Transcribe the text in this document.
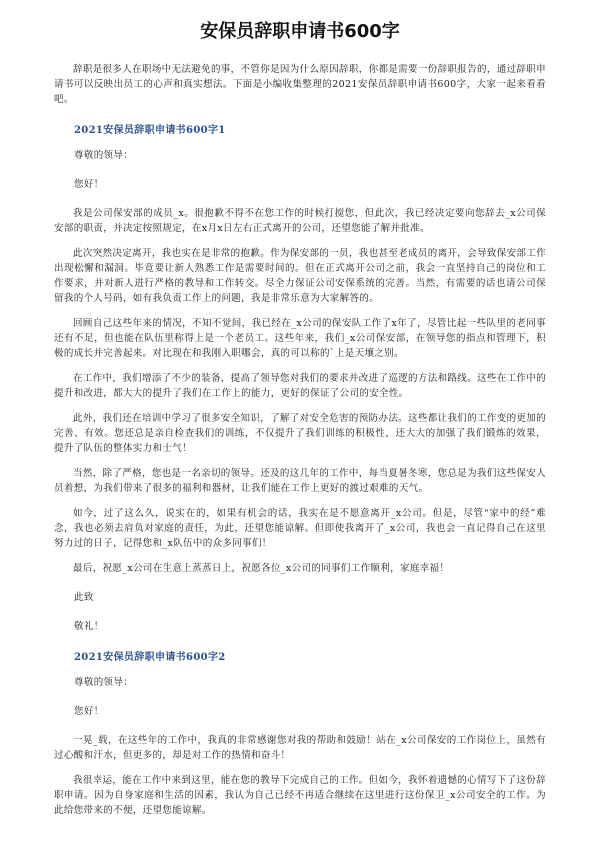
安保员辞职申请书600字

辞职是很多人在职场中无法避免的事，不管你是因为什么原因辞职，你都是需要一份辞职报告的，通过辞职申请书可以反映出员工的心声和真实想法。下面是小编收集整理的2021安保员辞职申请书600字，大家一起来看看吧。

2021安保员辞职申请书600字1

尊敬的领导：

您好！

我是公司保安部的成员_x。很抱歉不得不在您工作的时候打搅您，但此次，我已经决定要向您辞去_x公司保安部的职责，并决定按照规定，在x月x日左右正式离开的公司，还望您能了解并批准。

此次突然决定离开，我也实在是非常的抱歉。作为保安部的一员，我也甚至老成员的离开，会导致保安部工作出现松懈和漏洞。毕竟要让新人熟悉工作是需要时间的。但在正式离开公司之前，我会一直坚持自己的岗位和工作要求，并对新人进行严格的教导和工作转交。尽全力保证公司安保系统的完善。当然，有需要的话也请公司保留我的个人号码，如有我负责工作上的问题，我是非常乐意为大家解答的。

回顾自己这些年来的情况，不知不觉间，我已经在_x公司的保安队工作了x年了，尽管比起一些队里的老同事还有不足，但也能在队伍里称得上是一个老员工。这些年来，我们_x公司保安部，在领导您的指点和管理下，积极的成长并完善起来。对比现在和我刚入职哪会，真的可以称的`上是天壤之别。

在工作中，我们增添了不少的装备，提高了领导您对我们的要求并改进了巡逻的方法和路线。这些在工作中的提升和改进，都大大的提升了我们在工作上的能力，更好的保证了公司的安全性。

此外，我们还在培训中学习了很多安全知识，了解了对安全危害的预防办法。这些都让我们的工作变的更加的完善、有效。您还总是亲自检查我们的训练，不仅提升了我们训练的积极性，还大大的加强了我们锻炼的效果，提升了队伍的整体实力和士气！

当然，除了严格，您也是一名亲切的领导。还及的这几年的工作中，每当夏暑冬寒，您总是为我们这些保安人员着想，为我们带来了很多的福利和器材，让我们能在工作上更好的渡过艰难的天气。

如今，过了这么久，说实在的，如果有机会的话，我实在是不愿意离开_x公司。但是，尽管“家中的经”难念，我也必须去肩负对家庭的责任，为此，还望您能谅解。但即使我离开了_x公司，我也会一直记得自己在这里努力过的日子，记得您和_x队伍中的众多同事们！

最后，祝愿_x公司在生意上蒸蒸日上，祝愿各位_x公司的同事们工作顺利，家庭幸福！

此致

敬礼！

2021安保员辞职申请书600字2

尊敬的领导：

您好！

一晃_载，在这些年的工作中，我真的非常感谢您对我的帮助和鼓励！站在_x公司保安的工作岗位上，虽然有过心酸和汗水，但更多的，却是对工作的热情和奋斗！

我很幸运，能在工作中来到这里，能在您的教导下完成自己的工作。但如今，我怀着遗憾的心情写下了这份辞职申请。因为自身家庭和生活的因素，我认为自己已经不再适合继续在这里进行这份保卫_x公司安全的工作。为此给您带来的不便，还望您能谅解。
